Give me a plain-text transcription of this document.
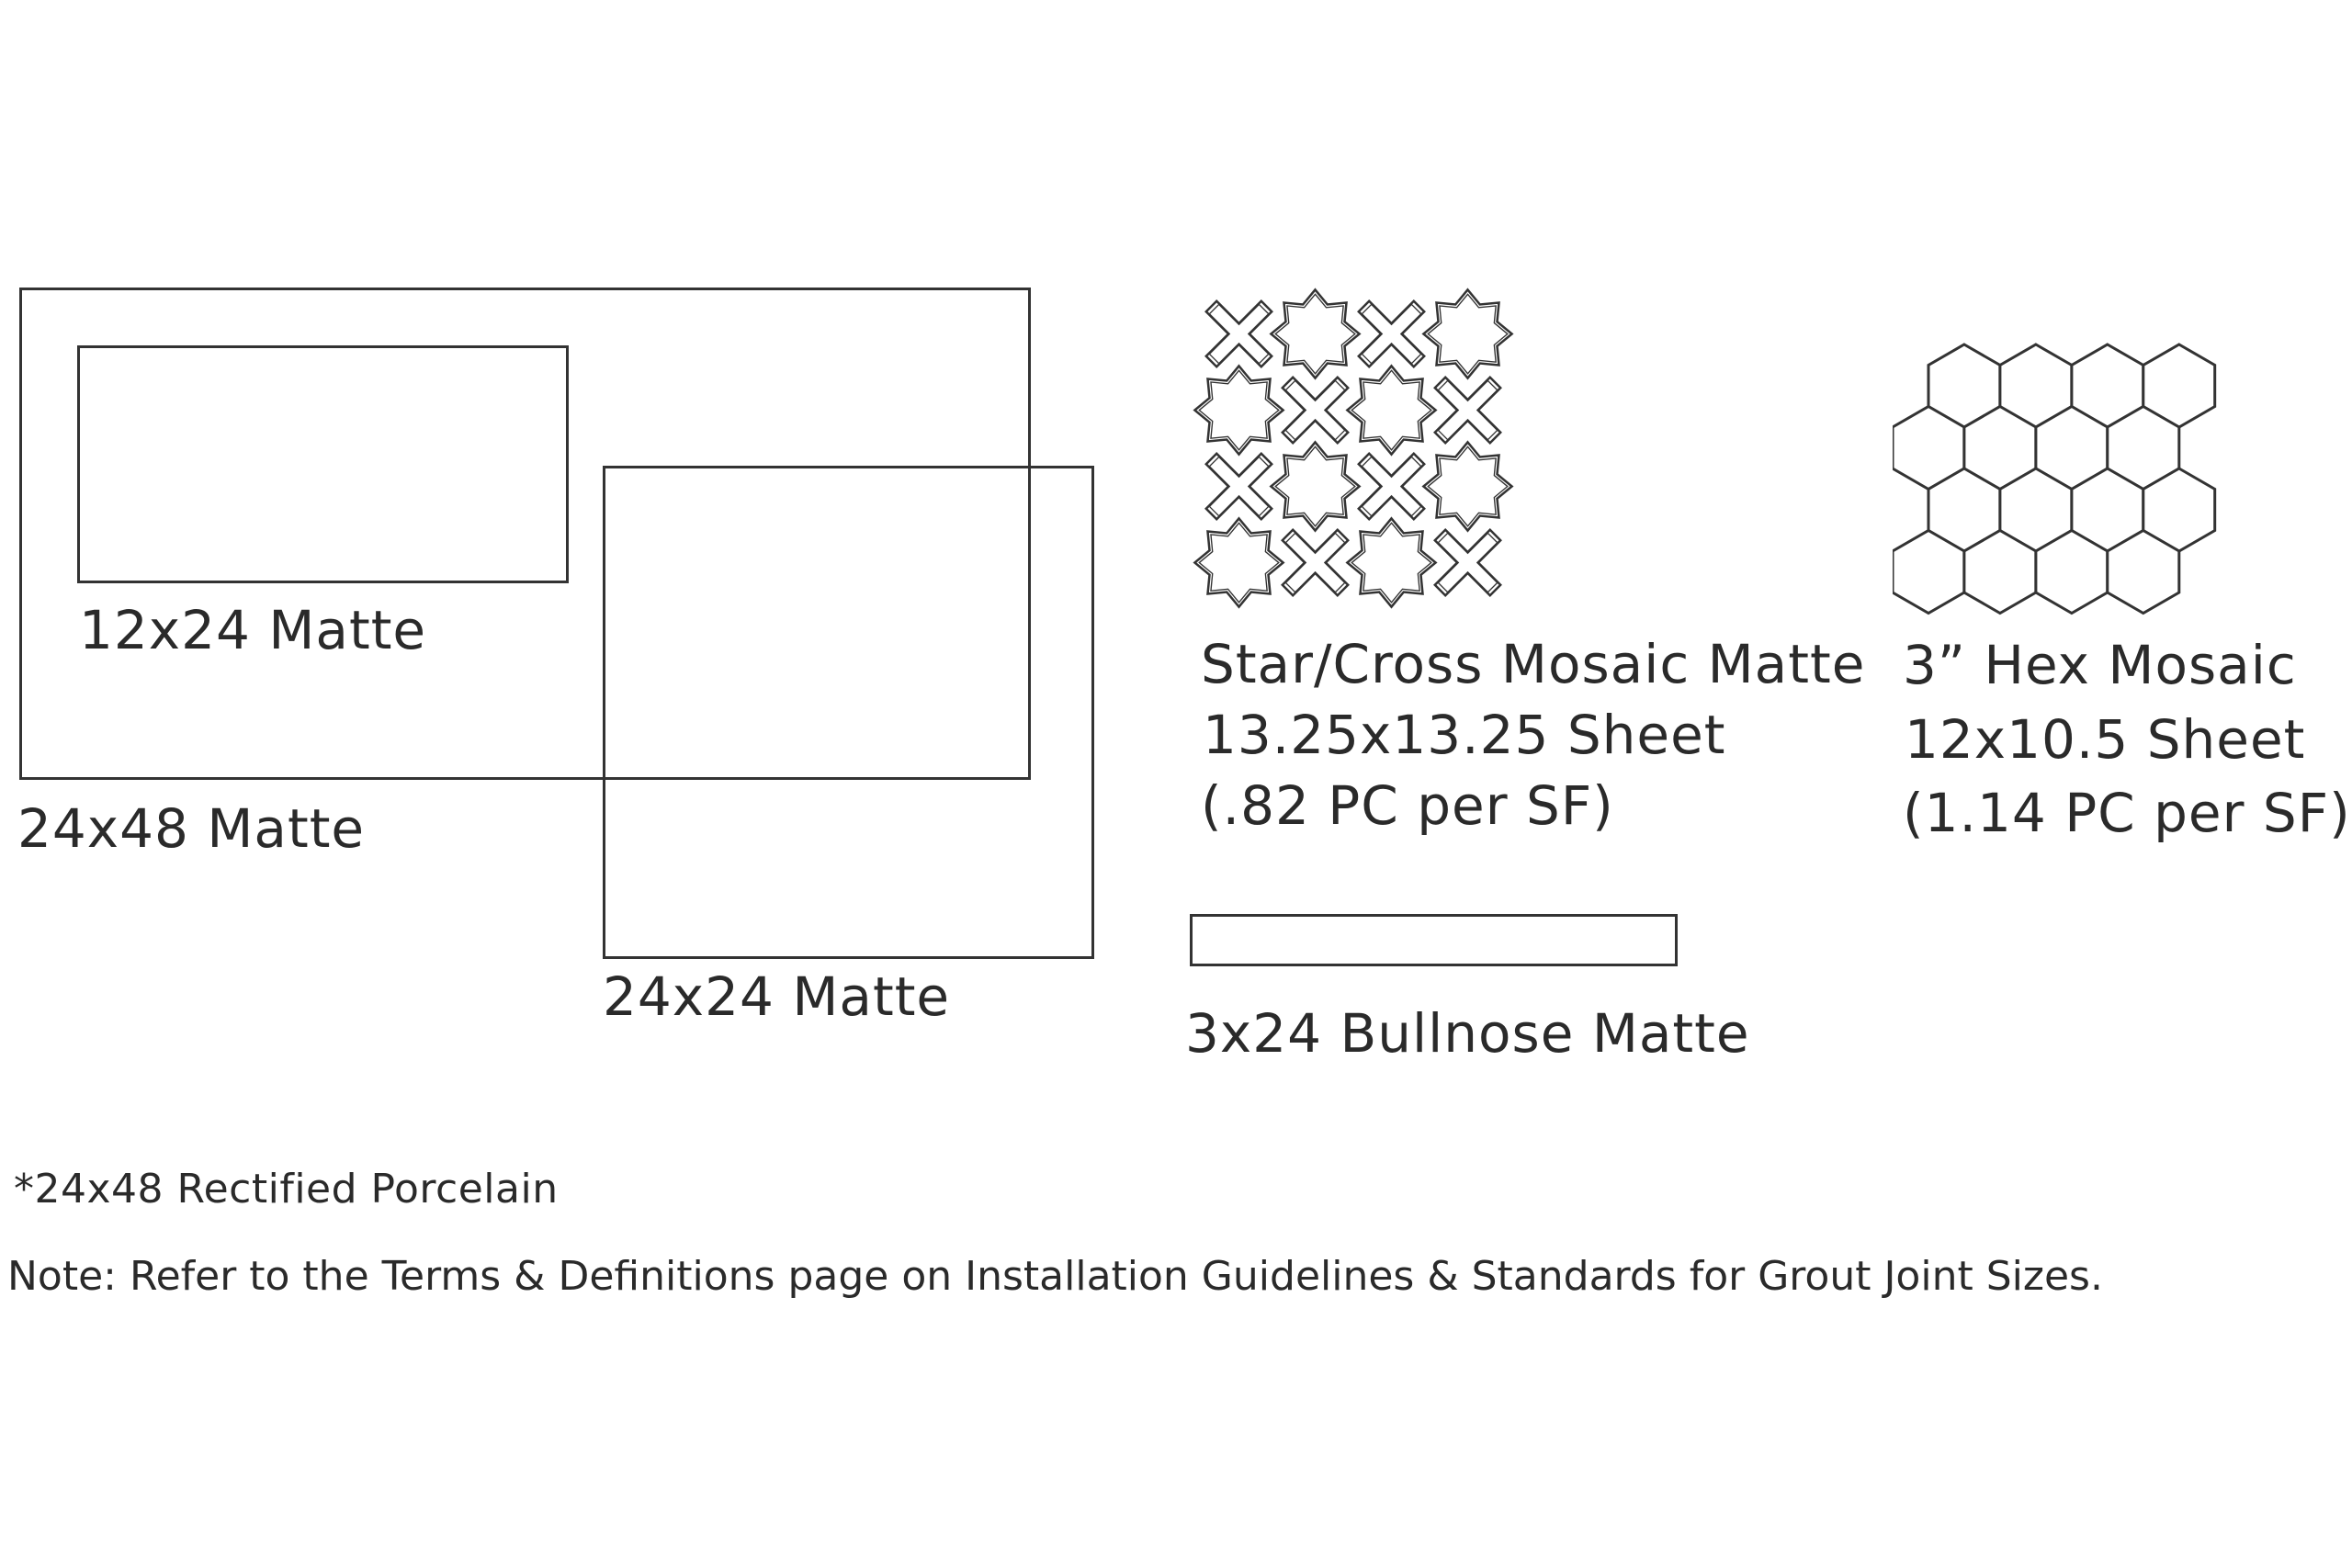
24x48 Matte
12x24 Matte
24x24 Matte
Star/Cross Mosaic Matte
13.25x13.25 Sheet
(.82 PC per SF)
3” Hex Mosaic
12x10.5 Sheet
(1.14 PC per SF)
3x24 Bullnose Matte
*24x48 Rectified Porcelain
Note: Refer to the Terms & Definitions page on Installation Guidelines & Standards for Grout Joint Sizes.
